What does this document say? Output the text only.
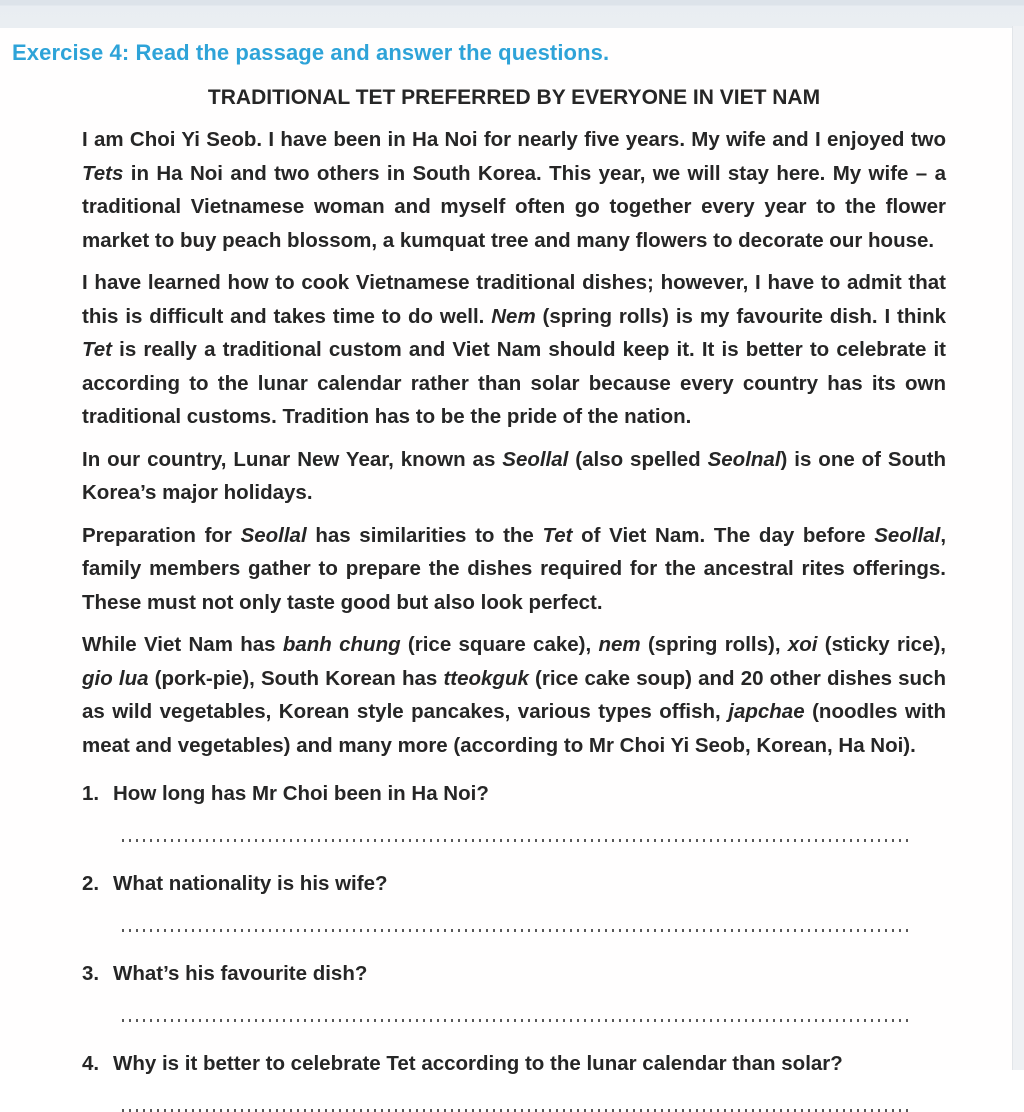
Exercise 4: Read the passage and answer the questions.
TRADITIONAL TET PREFERRED BY EVERYONE IN VIET NAM

I am Choi Yi Seob. I have been in Ha Noi for nearly five years. My wife and I enjoyed two Tets in Ha Noi and two others in South Korea. This year, we will stay here. My wife – a traditional Vietnamese woman and myself often go together every year to the flower market to buy peach blossom, a kumquat tree and many flowers to decorate our house.

I have learned how to cook Vietnamese traditional dishes; however, I have to admit that this is difficult and takes time to do well. Nem (spring rolls) is my favourite dish. I think Tet is really a traditional custom and Viet Nam should keep it. It is better to celebrate it according to the lunar calendar rather than solar because every country has its own traditional customs. Tradition has to be the pride of the nation.

In our country, Lunar New Year, known as Seollal (also spelled Seolnal) is one of South Korea’s major holidays.

Preparation for Seollal has similarities to the Tet of Viet Nam. The day before Seollal, family members gather to prepare the dishes required for the ancestral rites offerings. These must not only taste good but also look perfect.

While Viet Nam has banh chung (rice square cake), nem (spring rolls), xoi (sticky rice), gio lua (pork-pie), South Korean has tteokguk (rice cake soup) and 20 other dishes such as wild vegetables, Korean style pancakes, various types offish, japchae (noodles with meat and vegetables) and many more (according to Mr Choi Yi Seob, Korean, Ha Noi).

1. How long has Mr Choi been in Ha Noi?
2. What nationality is his wife?
3. What’s his favourite dish?
4. Why is it better to celebrate Tet according to the lunar calendar than solar?
